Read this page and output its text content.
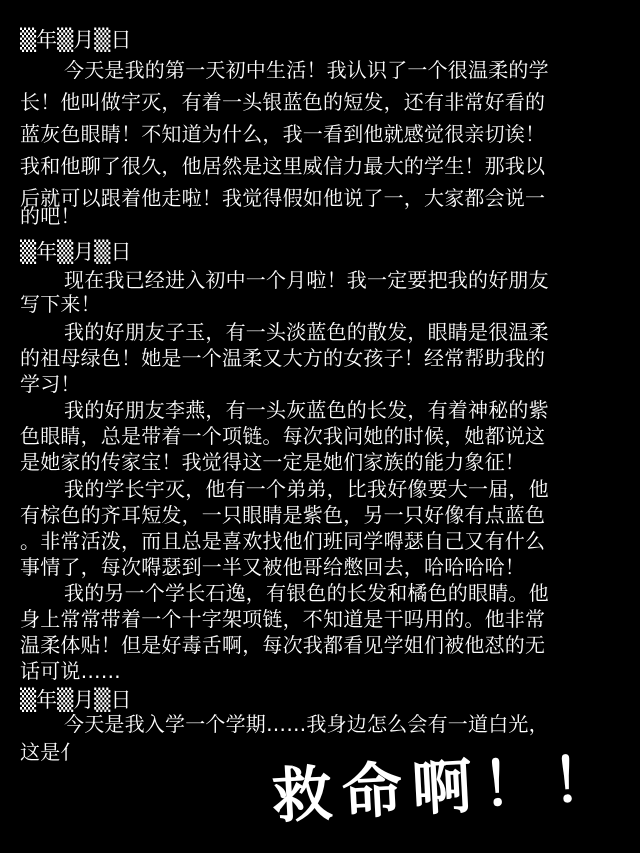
▒年▒月▒日
今天是我的第一天初中生活！我认识了一个很温柔的学
长！他叫做宇灭，有着一头银蓝色的短发，还有非常好看的
蓝灰色眼睛！不知道为什么，我一看到他就感觉很亲切诶！
我和他聊了很久，他居然是这里威信力最大的学生！那我以
后就可以跟着他走啦！我觉得假如他说了一，大家都会说一
的吧！
▒年▒月▒日
现在我已经进入初中一个月啦！我一定要把我的好朋友
写下来！
我的好朋友子玉，有一头淡蓝色的散发，眼睛是很温柔
的祖母绿色！她是一个温柔又大方的女孩子！经常帮助我的
学习！
我的好朋友李燕，有一头灰蓝色的长发，有着神秘的紫
色眼睛，总是带着一个项链。每次我问她的时候，她都说这
是她家的传家宝！我觉得这一定是她们家族的能力象征！
我的学长宇灭，他有一个弟弟，比我好像要大一届，他
有棕色的齐耳短发，一只眼睛是紫色，另一只好像有点蓝色
。非常活泼，而且总是喜欢找他们班同学嘚瑟自己又有什么
事情了，每次嘚瑟到一半又被他哥给憋回去，哈哈哈哈！
我的另一个学长石逸，有银色的长发和橘色的眼睛。他
身上常常带着一个十字架项链，不知道是干吗用的。他非常
温柔体贴！但是好毒舌啊，每次我都看见学姐们被他怼的无
话可说……
▒年▒月▒日
今天是我入学一个学期……我身边怎么会有一道白光，
这是亻	救命啊！！
